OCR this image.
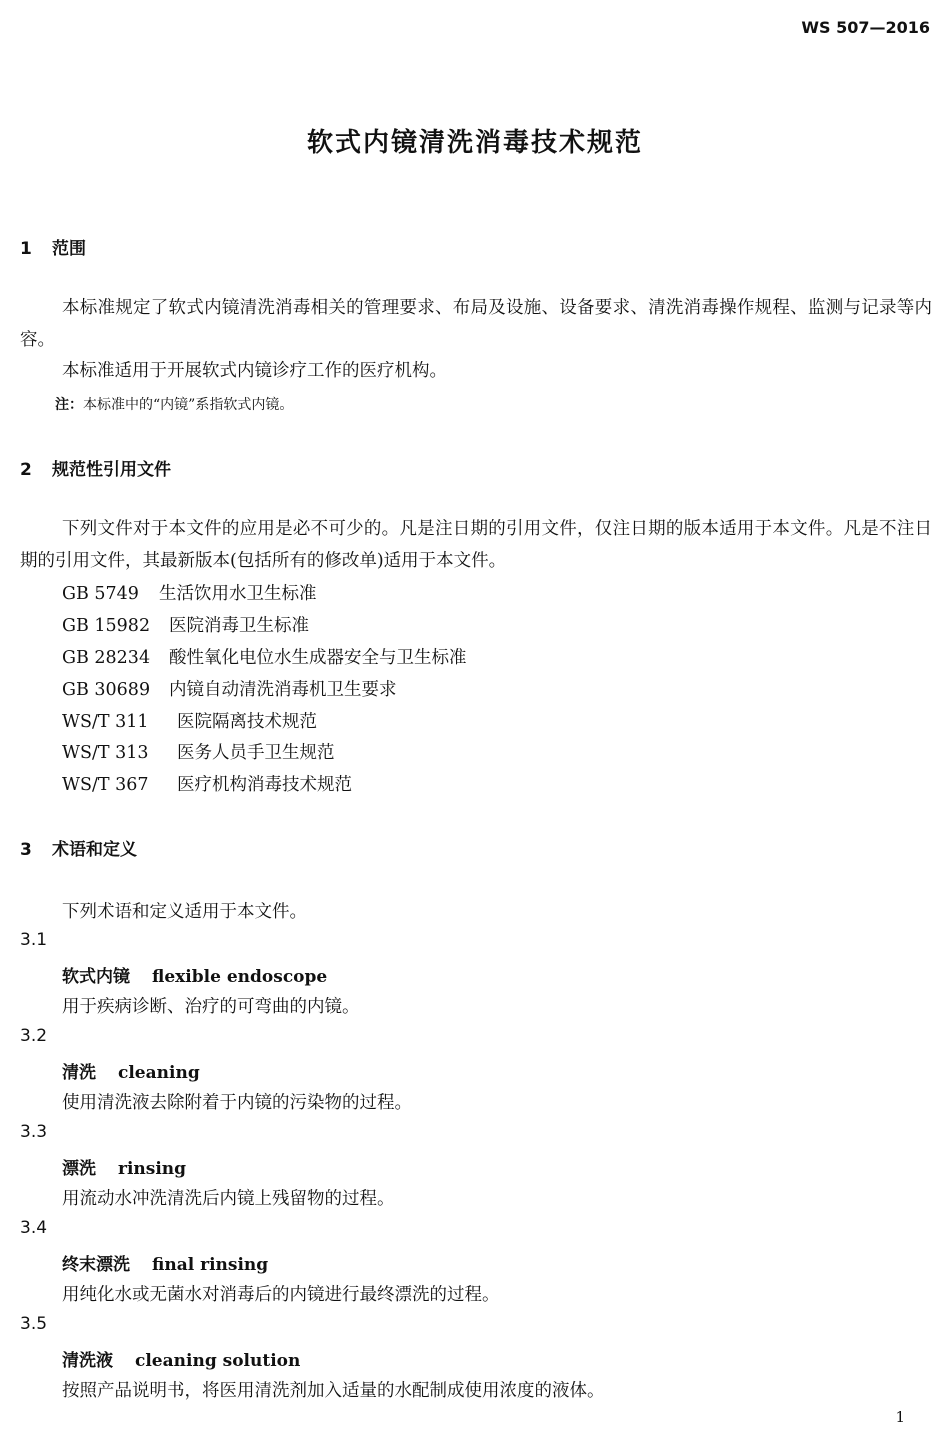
WS 507—2016
软式内镜清洗消毒技术规范
1 范围
本标准规定了软式内镜清洗消毒相关的管理要求、布局及设施、设备要求、清洗消毒操作规程、监测与记录等内容。
本标准适用于开展软式内镜诊疗工作的医疗机构。
注：本标准中的“内镜”系指软式内镜。
2 规范性引用文件
下列文件对于本文件的应用是必不可少的。凡是注日期的引用文件，仅注日期的版本适用于本文件。凡是不注日期的引用文件，其最新版本(包括所有的修改单)适用于本文件。
GB 5749 生活饮用水卫生标准
GB 15982 医院消毒卫生标准
GB 28234 酸性氧化电位水生成器安全与卫生标准
GB 30689 内镜自动清洗消毒机卫生要求
WS/T 311 医院隔离技术规范
WS/T 313 医务人员手卫生规范
WS/T 367 医疗机构消毒技术规范
3 术语和定义
下列术语和定义适用于本文件。
3.1
软式内镜 flexible endoscope
用于疾病诊断、治疗的可弯曲的内镜。
3.2
清洗 cleaning
使用清洗液去除附着于内镜的污染物的过程。
3.3
漂洗 rinsing
用流动水冲洗清洗后内镜上残留物的过程。
3.4
终末漂洗 final rinsing
用纯化水或无菌水对消毒后的内镜进行最终漂洗的过程。
3.5
清洗液 cleaning solution
按照产品说明书，将医用清洗剂加入适量的水配制成使用浓度的液体。
1
